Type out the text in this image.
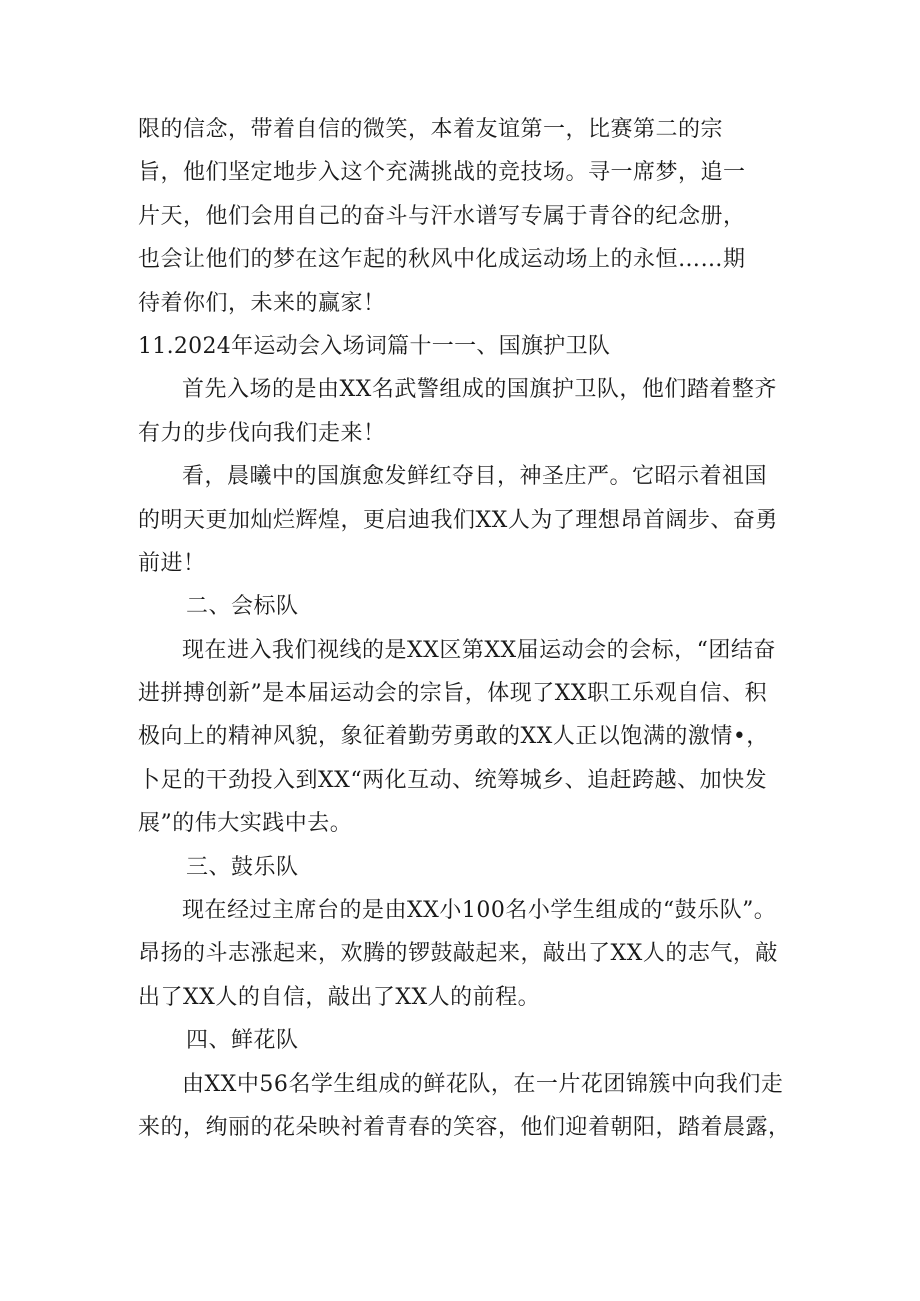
限的信念，带着自信的微笑，本着友谊第一，比赛第二的宗
旨，他们坚定地步入这个充满挑战的竞技场。寻一席梦，追一
片天，他们会用自己的奋斗与汗水谱写专属于青谷的纪念册，
也会让他们的梦在这乍起的秋风中化成运动场上的永恒……期
待着你们，未来的赢家！
11.2024年运动会入场词篇十一一、国旗护卫队
首先入场的是由XX名武警组成的国旗护卫队，他们踏着整齐
有力的步伐向我们走来！
看，晨曦中的国旗愈发鲜红夺目，神圣庄严。它昭示着祖国
的明天更加灿烂辉煌，更启迪我们XX人为了理想昂首阔步、奋勇
前进！
二、会标队
现在进入我们视线的是XX区第XX届运动会的会标，“团结奋
进拼搏创新”是本届运动会的宗旨，体现了XX职工乐观自信、积
极向上的精神风貌，象征着勤劳勇敢的XX人正以饱满的激情•，
卜足的干劲投入到XX“两化互动、统筹城乡、追赶跨越、加快发
展”的伟大实践中去。
三、鼓乐队
现在经过主席台的是由XX小100名小学生组成的“鼓乐队”。
昂扬的斗志涨起来，欢腾的锣鼓敲起来，敲出了XX人的志气，敲
出了XX人的自信，敲出了XX人的前程。
四、鲜花队
由XX中56名学生组成的鲜花队，在一片花团锦簇中向我们走
来的，绚丽的花朵映衬着青春的笑容，他们迎着朝阳，踏着晨露，
